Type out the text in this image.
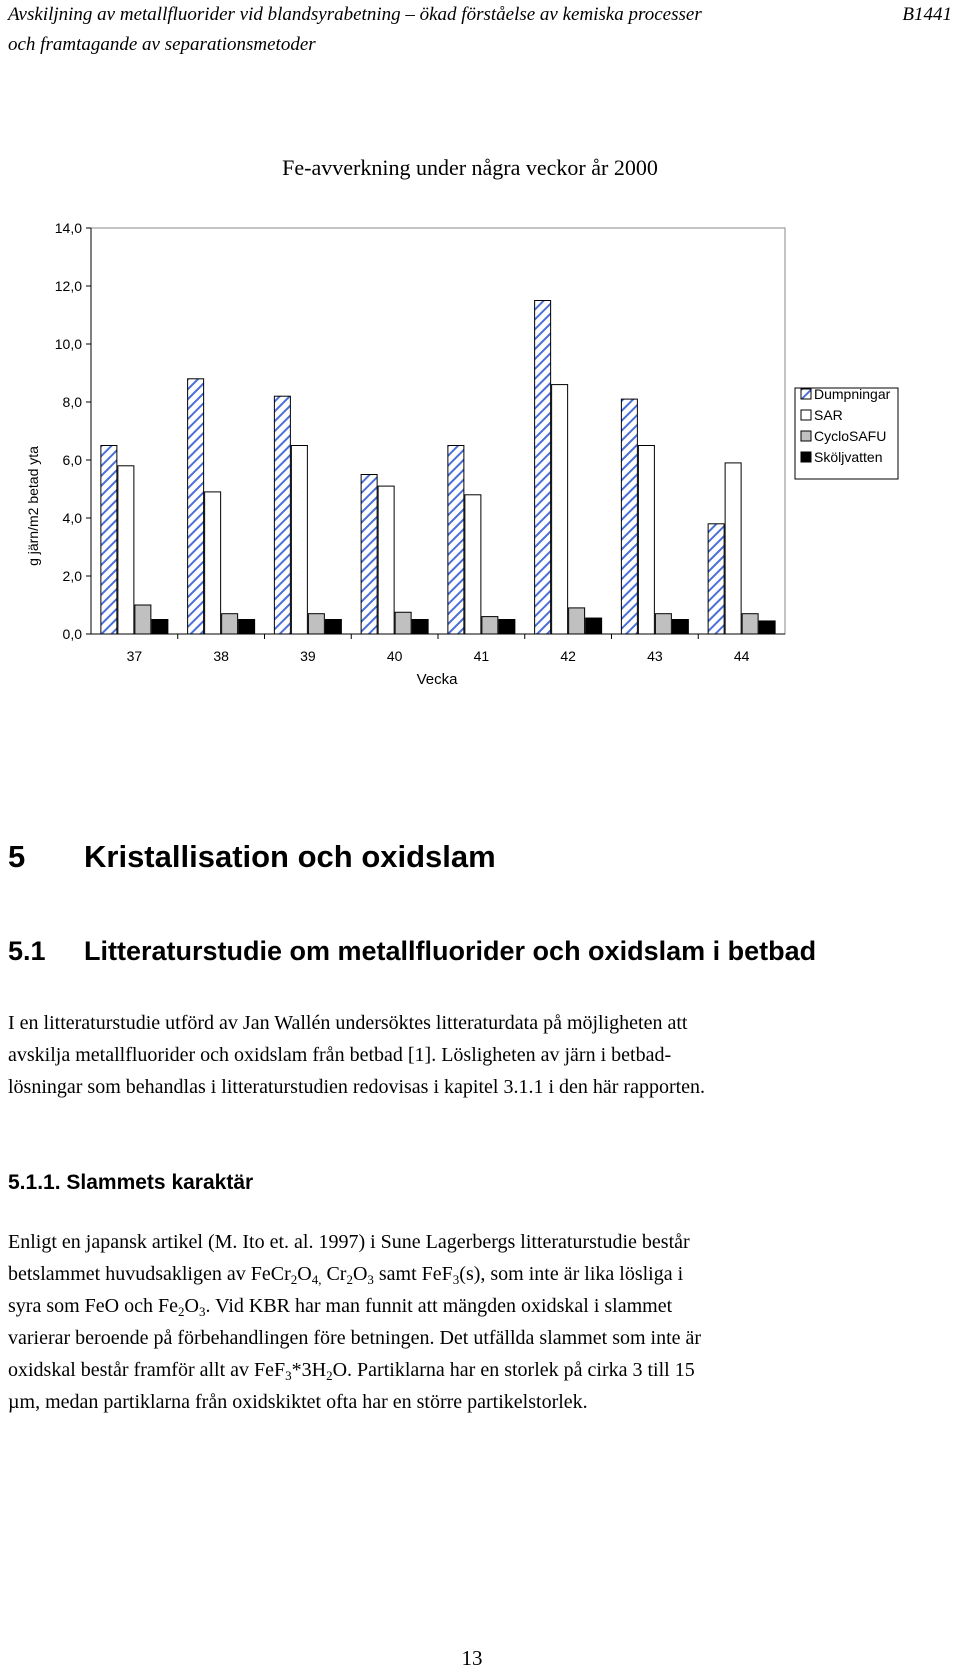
Avskiljning av metallfluorider vid blandsyrabetning – ökad förståelse av kemiska processer	B1441
och framtagande av separationsmetoder
Fe-avverkning under några veckor år 2000
0,0
2,0
4,0
6,0
8,0
10,0
12,0
14,0
37	38	39	40	41	42	43	44
g järn/m2 betad yta
Vecka
Dumpningar
SAR
CycloSAFU
Sköljvatten
5 Kristallisation och oxidslam
5.1 Litteraturstudie om metallfluorider och oxidslam i betbad

I en litteraturstudie utförd av Jan Wallén undersöktes litteraturdata på möjligheten att
avskilja metallfluorider och oxidslam från betbad [1]. Lösligheten av järn i betbad-
lösningar som behandlas i litteraturstudien redovisas i kapitel 3.1.1 i den här rapporten.

5.1.1. Slammets karaktär

Enligt en japansk artikel (M. Ito et. al. 1997) i Sune Lagerbergs litteraturstudie består
betslammet huvudsakligen av $FeCr_2O_{4,}$ $Cr_2O_3$ samt FeF$_3$(s), som inte är lika lösliga i
syra som FeO och $Fe_2O_3$. Vid KBR har man funnit att mängden oxidskal i slammet
varierar beroende på förbehandlingen före betningen. Det utfällda slammet som inte är
oxidskal består framför allt av $FeF_3*3H_2O$. Partiklarna har en storlek på cirka 3 till 15
µm, medan partiklarna från oxidskiktet ofta har en större partikelstorlek.

13
